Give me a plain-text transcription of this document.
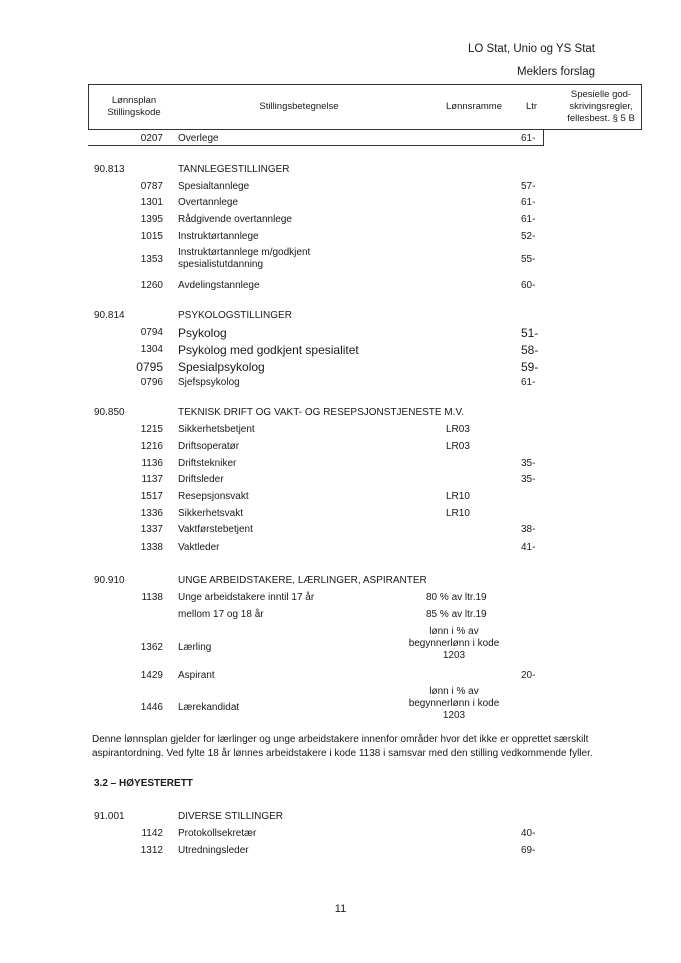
LO Stat, Unio og YS Stat
Meklers forslag
Lønnsplan Stillingskode
Stillingsbetegnelse	Lønnsramme	Ltr
Spesielle god-skrivingsregler, fellesbest. § 5 B
0207 Overlege	61-
90.813	TANNLEGESTILLINGER
0787 Spesialtannlege	57-
1301 Overtannlege	61-
1395 Rådgivende overtannlege	61-
1015 Instruktørtannlege	52-
1353
Instruktørtannlege m/godkjent spesialistutdanning	55-
1260 Avdelingstannlege	60-
90.814	PSYKOLOGSTILLINGER
0794 Psykolog	51-
1304 Psykolog med godkjent spesialitet	58-
0795 Spesialpsykolog	59-
0796 Sjefspsykolog	61-
90.850	TEKNISK DRIFT OG VAKT- OG RESEPSJONSTJENESTE M.V.
1215 Sikkerhetsbetjent	LR03
1216 Driftsoperatør	LR03
1136 Driftstekniker	35-
1137 Driftsleder	35-
1517 Resepsjonsvakt	LR10
1336 Sikkerhetsvakt	LR10
1337 Vaktførstebetjent	38-
1338 Vaktleder	41-
90.910	UNGE ARBEIDSTAKERE, LÆRLINGER, ASPIRANTER
1138 Unge arbeidstakere inntil 17 år	80 % av ltr.19
mellom 17 og 18 år	85 % av ltr.19
1362 Lærling
lønn i % av begynnerlønn i kode 1203
1429 Aspirant	20-
1446 Lærekandidat
lønn i % av begynnerlønn i kode 1203
Denne lønnsplan gjelder for lærlinger og unge arbeidstakere innenfor områder hvor det ikke er opprettet særskilt aspirantordning. Ved fylte 18 år lønnes arbeidstakere i kode 1138 i samsvar med den stilling vedkommende fyller.
3.2 – HØYESTERETT
91.001	DIVERSE STILLINGER
1142 Protokollsekretær	40-
1312 Utredningsleder	69-
11
